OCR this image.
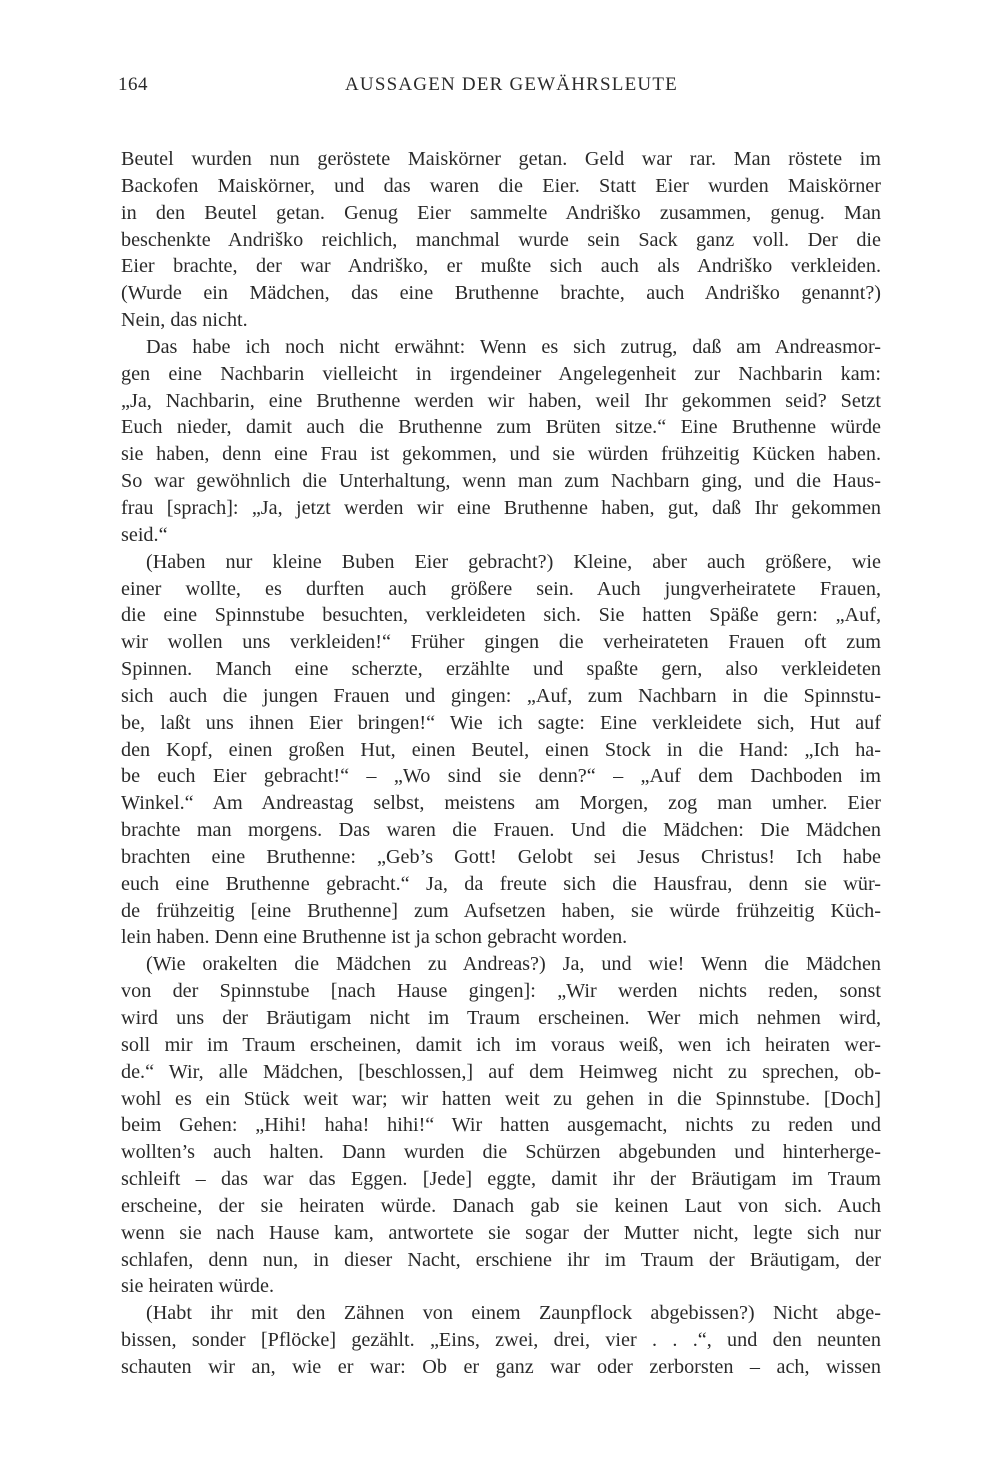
164	AUSSAGEN DER GEWÄHRSLEUTE
Beutel wurden nun geröstete Maiskörner getan. Geld war rar. Man röstete im
Backofen Maiskörner, und das waren die Eier. Statt Eier wurden Maiskörner
in den Beutel getan. Genug Eier sammelte Andriško zusammen, genug. Man
beschenkte Andriško reichlich, manchmal wurde sein Sack ganz voll. Der die
Eier brachte, der war Andriško, er mußte sich auch als Andriško verkleiden.
(Wurde ein Mädchen, das eine Bruthenne brachte, auch Andriško genannt?)
Nein, das nicht.
Das habe ich noch nicht erwähnt: Wenn es sich zutrug, daß am Andreasmor-
gen eine Nachbarin vielleicht in irgendeiner Angelegenheit zur Nachbarin kam:
„Ja, Nachbarin, eine Bruthenne werden wir haben, weil Ihr gekommen seid? Setzt
Euch nieder, damit auch die Bruthenne zum Brüten sitze.“ Eine Bruthenne würde
sie haben, denn eine Frau ist gekommen, und sie würden frühzeitig Kücken haben.
So war gewöhnlich die Unterhaltung, wenn man zum Nachbarn ging, und die Haus-
frau [sprach]: „Ja, jetzt werden wir eine Bruthenne haben, gut, daß Ihr gekommen
seid.“
(Haben nur kleine Buben Eier gebracht?) Kleine, aber auch größere, wie
einer wollte, es durften auch größere sein. Auch jungverheiratete Frauen,
die eine Spinnstube besuchten, verkleideten sich. Sie hatten Späße gern: „Auf,
wir wollen uns verkleiden!“ Früher gingen die verheirateten Frauen oft zum
Spinnen. Manch eine scherzte, erzählte und spaßte gern, also verkleideten
sich auch die jungen Frauen und gingen: „Auf, zum Nachbarn in die Spinnstu-
be, laßt uns ihnen Eier bringen!“ Wie ich sagte: Eine verkleidete sich, Hut auf
den Kopf, einen großen Hut, einen Beutel, einen Stock in die Hand: „Ich ha-
be euch Eier gebracht!“ – „Wo sind sie denn?“ – „Auf dem Dachboden im
Winkel.“ Am Andreastag selbst, meistens am Morgen, zog man umher. Eier
brachte man morgens. Das waren die Frauen. Und die Mädchen: Die Mädchen
brachten eine Bruthenne: „Geb’s Gott! Gelobt sei Jesus Christus! Ich habe
euch eine Bruthenne gebracht.“ Ja, da freute sich die Hausfrau, denn sie wür-
de frühzeitig [eine Bruthenne] zum Aufsetzen haben, sie würde frühzeitig Küch-
lein haben. Denn eine Bruthenne ist ja schon gebracht worden.
(Wie orakelten die Mädchen zu Andreas?) Ja, und wie! Wenn die Mädchen
von der Spinnstube [nach Hause gingen]: „Wir werden nichts reden, sonst
wird uns der Bräutigam nicht im Traum erscheinen. Wer mich nehmen wird,
soll mir im Traum erscheinen, damit ich im voraus weiß, wen ich heiraten wer-
de.“ Wir, alle Mädchen, [beschlossen,] auf dem Heimweg nicht zu sprechen, ob-
wohl es ein Stück weit war; wir hatten weit zu gehen in die Spinnstube. [Doch]
beim Gehen: „Hihi! haha! hihi!“ Wir hatten ausgemacht, nichts zu reden und
wollten’s auch halten. Dann wurden die Schürzen abgebunden und hinterherge-
schleift – das war das Eggen. [Jede] eggte, damit ihr der Bräutigam im Traum
erscheine, der sie heiraten würde. Danach gab sie keinen Laut von sich. Auch
wenn sie nach Hause kam, antwortete sie sogar der Mutter nicht, legte sich nur
schlafen, denn nun, in dieser Nacht, erschiene ihr im Traum der Bräutigam, der
sie heiraten würde.
(Habt ihr mit den Zähnen von einem Zaunpflock abgebissen?) Nicht abge-
bissen, sonder [Pflöcke] gezählt. „Eins, zwei, drei, vier . . .“, und den neunten
schauten wir an, wie er war: Ob er ganz war oder zerborsten – ach, wissen
